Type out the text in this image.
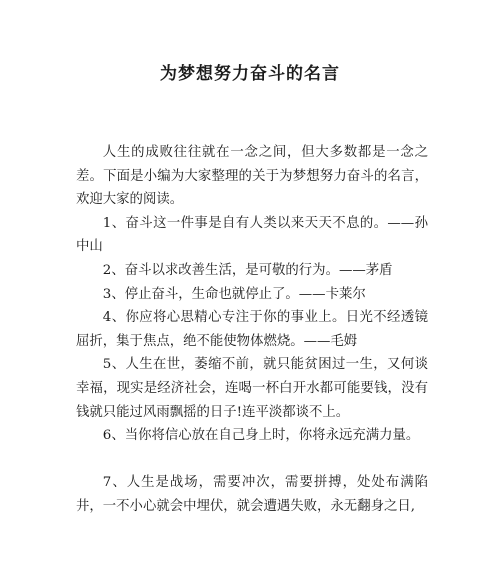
为梦想努力奋斗的名言

人生的成败往往就在一念之间，但大多数都是一念之差。下面是小编为大家整理的关于为梦想努力奋斗的名言，欢迎大家的阅读。

1、奋斗这一件事是自有人类以来天天不息的。——孙中山

2、奋斗以求改善生活，是可敬的行为。——茅盾

3、停止奋斗，生命也就停止了。——卡莱尔

4、你应将心思精心专注于你的事业上。日光不经透镜屈折，集于焦点，绝不能使物体燃烧。——毛姆

5、人生在世，萎缩不前，就只能贫困过一生，又何谈幸福，现实是经济社会，连喝一杯白开水都可能要钱，没有钱就只能过风雨飘摇的日子!连平淡都谈不上。

6、当你将信心放在自己身上时，你将永远充满力量。

7、人生是战场，需要冲次，需要拼搏，处处布满陷井，一不小心就会中埋伏，就会遭遇失败，永无翻身之日,
